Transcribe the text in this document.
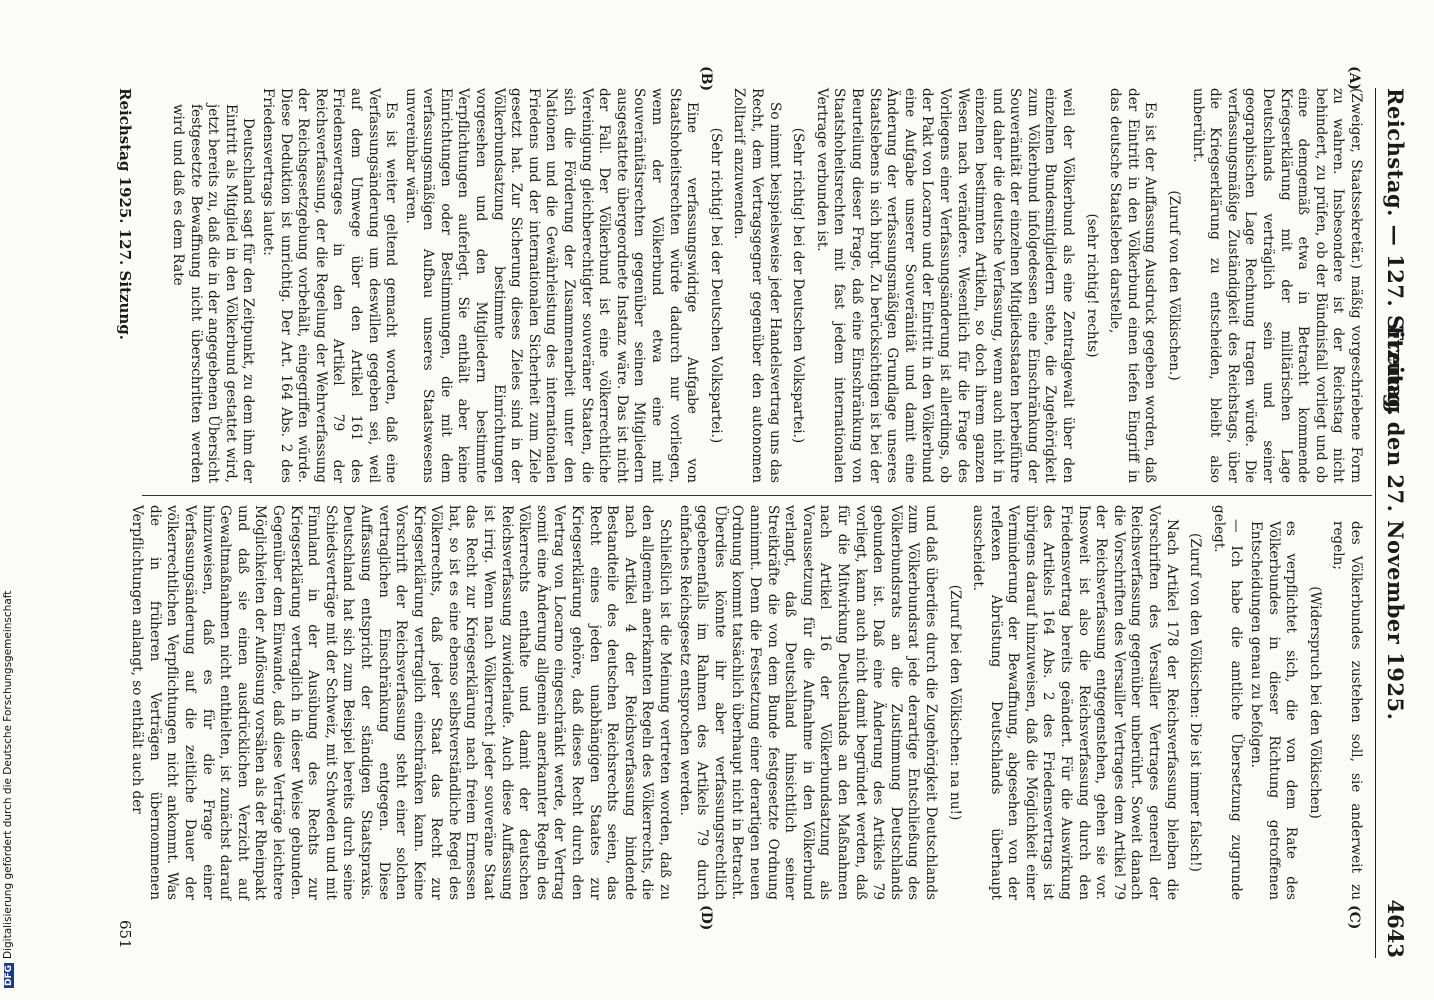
Reichstag. — 127. Sitzung.
Freitag den 27. November 1925.
4643
(A)
(B)
(C)
(D)

(Zweiger, Staatssekretär.) mäßig vorgeschriebene Form zu wahren. Insbesondere ist der Reichstag nicht behindert, zu prüfen, ob der Bündnisfall vorliegt und ob eine demgemäß etwa in Betracht kommende Kriegserklärung mit der militärischen Lage Deutschlands verträglich sein und seiner geographischen Lage Rechnung tragen würde. Die verfassungsmäßige Zuständigkeit des Reichstags, über die Kriegserklärung zu entscheiden, bleibt also unberührt.

(Zuruf von den Völkischen.)

Es ist der Auffassung Ausdruck gegeben worden, daß der Eintritt in den Völkerbund einen tiefen Eingriff in das deutsche Staatsleben darstelle,

(sehr richtig! rechts)

weil der Völkerbund als eine Zentralgewalt über den einzelnen Bundesmitgliedern stehe, die Zugehörigkeit zum Völkerbund infolgedessen eine Einschränkung der Souveränität der einzelnen Mitgliedsstaaten herbeiführe und daher die deutsche Verfassung, wenn auch nicht in einzelnen bestimmten Artikeln, so doch ihrem ganzen Wesen nach verändere. Wesentlich für die Frage des Vorliegens einer Verfassungsänderung ist allerdings, ob der Pakt von Locarno und der Eintritt in den Völkerbund eine Aufgabe unserer Souveränität und damit eine Änderung der verfassungsmäßigen Grundlage unseres Staatslebens in sich birgt. Zu berücksichtigen ist bei der Beurteilung dieser Frage, daß eine Einschränkung von Staatshoheitsrechten mit fast jedem internationalen Vertrage verbunden ist.

(Sehr richtig! bei der Deutschen Volkspartei.)

So nimmt beispielsweise jeder Handelsvertrag uns das Recht, dem Vertragsgegner gegenüber den autonomen Zolltarif anzuwenden.

(Sehr richtig! bei der Deutschen Volkspartei.)

Eine verfassungswidrige Aufgabe von Staatshoheitsrechten würde dadurch nur vorliegen, wenn der Völkerbund etwa eine mit Souveränitätsrechten gegenüber seinen Mitgliedern ausgestattete übergeordnete Instanz wäre. Das ist nicht der Fall. Der Völkerbund ist eine völkerrechtliche Vereinigung gleichberechtigter souveräner Staaten, die sich die Förderung der Zusammenarbeit unter den Nationen und die Gewährleistung des internationalen Friedens und der internationalen Sicherheit zum Ziele gesetzt hat. Zur Sicherung dieses Zieles sind in der Völkerbundsatzung bestimmte Einrichtungen vorgesehen und den Mitgliedern bestimmte Verpflichtungen auferlegt. Sie enthält aber keine Einrichtungen oder Bestimmungen, die mit dem verfassungsmäßigen Aufbau unseres Staatswesens unvereinbar wären.

Es ist weiter geltend gemacht worden, daß eine Verfassungsänderung um deswillen gegeben sei, weil auf dem Umwege über den Artikel 161 des Friedensvertrages in den Artikel 79 der Reichsverfassung, der die Regelung der Wehrverfassung der Reichsgesetzgebung vorbehält, eingegriffen würde. Diese Deduktion ist unrichtig. Der Art. 164 Abs. 2 des Friedensvertrags lautet:

Deutschland sagt für den Zeitpunkt, zu dem ihm der Eintritt als Mitglied in den Völkerbund gestattet wird, jetzt bereits zu, daß die in der angegebenen Übersicht festgesetzte Bewaffnung nicht überschritten werden wird und daß es dem Rate

des Völkerbundes zustehen soll, sie anderweit zu regeln;

(Widerspruch bei den Völkischen)

es verpflichtet sich, die von dem Rate des Völkerbundes in dieser Richtung getroffenen Entscheidungen genau zu befolgen.

— Ich habe die amtliche Übersetzung zugrunde gelegt.

(Zuruf von den Völkischen: Die ist immer falsch!)

Nach Artikel 178 der Reichsverfassung bleiben die Vorschriften des Versailler Vertrages generell der Reichsverfassung gegenüber unberührt. Soweit danach die Vorschriften des Versailler Vertrages dem Artikel 79 der Reichsverfassung entgegenstehen, gehen sie vor. Insoweit ist also die Reichsverfassung durch den Friedensvertrag bereits geändert. Für die Auswirkung des Artikels 164 Abs. 2 des Friedensvertrags ist übrigens darauf hinzuweisen, daß die Möglichkeit einer Verminderung der Bewaffnung, abgesehen von der reflexen Abrüstung Deutschlands überhaupt ausscheidet.

(Zuruf bei den Völkischen: na nu!)

und daß überdies durch die Zugehörigkeit Deutschlands zum Völkerbundsrat jede derartige Entschließung des Völkerbundsrats an die Zustimmung Deutschlands gebunden ist. Daß eine Änderung des Artikels 79 vorliegt, kann auch nicht damit begründet werden, daß für die Mitwirkung Deutschlands an den Maßnahmen nach Artikel 16 der Völkerbundsatzung als Voraussetzung für die Aufnahme in den Völkerbund verlangt, daß Deutschland hinsichtlich seiner Streitkräfte die von dem Bunde festgesetzte Ordnung annimmt. Denn die Festsetzung einer derartigen neuen Ordnung kommt tatsächlich überhaupt nicht in Betracht. Überdies könnte ihr aber verfassungsrechtlich gegebenenfalls im Rahmen des Artikels 79 durch einfaches Reichsgesetz entsprochen werden.

Schließlich ist die Meinung vertreten worden, daß zu den allgemein anerkannten Regeln des Völkerrechts, die nach Artikel 4 der Reichsverfassung bindende Bestandteile des deutschen Reichsrechts seien, das Recht eines jeden unabhängigen Staates zur Kriegserklärung gehöre, daß dieses Recht durch den Vertrag von Locarno eingeschränkt werde, der Vertrag somit eine Änderung allgemein anerkannter Regeln des Völkerrechts enthalte und damit der deutschen Reichsverfassung zuwiderlaufe. Auch diese Auffassung ist irrig. Wenn nach Völkerrecht jeder souveräne Staat das Recht zur Kriegserklärung nach freiem Ermessen hat, so ist es eine ebenso selbstverständliche Regel des Völkerrechts, daß jeder Staat das Recht zur Kriegserklärung vertraglich einschränken kann. Keine Vorschrift der Reichsverfassung steht einer solchen vertraglichen Einschränkung entgegen. Diese Auffassung entspricht der ständigen Staatspraxis. Deutschland hat sich zum Beispiel bereits durch seine Schiedsverträge mit der Schweiz, mit Schweden und mit Finnland in der Ausübung des Rechts zur Kriegserklärung vertraglich in dieser Weise gebunden. Gegenüber dem Einwande, daß diese Verträge leichtere Möglichkeiten der Auflösung vorsähen als der Rheinpakt und daß sie einen ausdrücklichen Verzicht auf Gewaltmaßnahmen nicht enthielten, ist zunächst darauf hinzuweisen, daß es für die Frage einer Verfassungsänderung auf die zeitliche Dauer der völkerrechtlichen Verpflichtungen nicht ankommt. Was die in früheren Verträgen übernommenen Verpflichtungen anlangt, so enthält auch der

Reichstag 1925. 127. Sitzung.
651
DFGDigitalisierung gefördert durch die Deutsche Forschungsgemeinschaft
